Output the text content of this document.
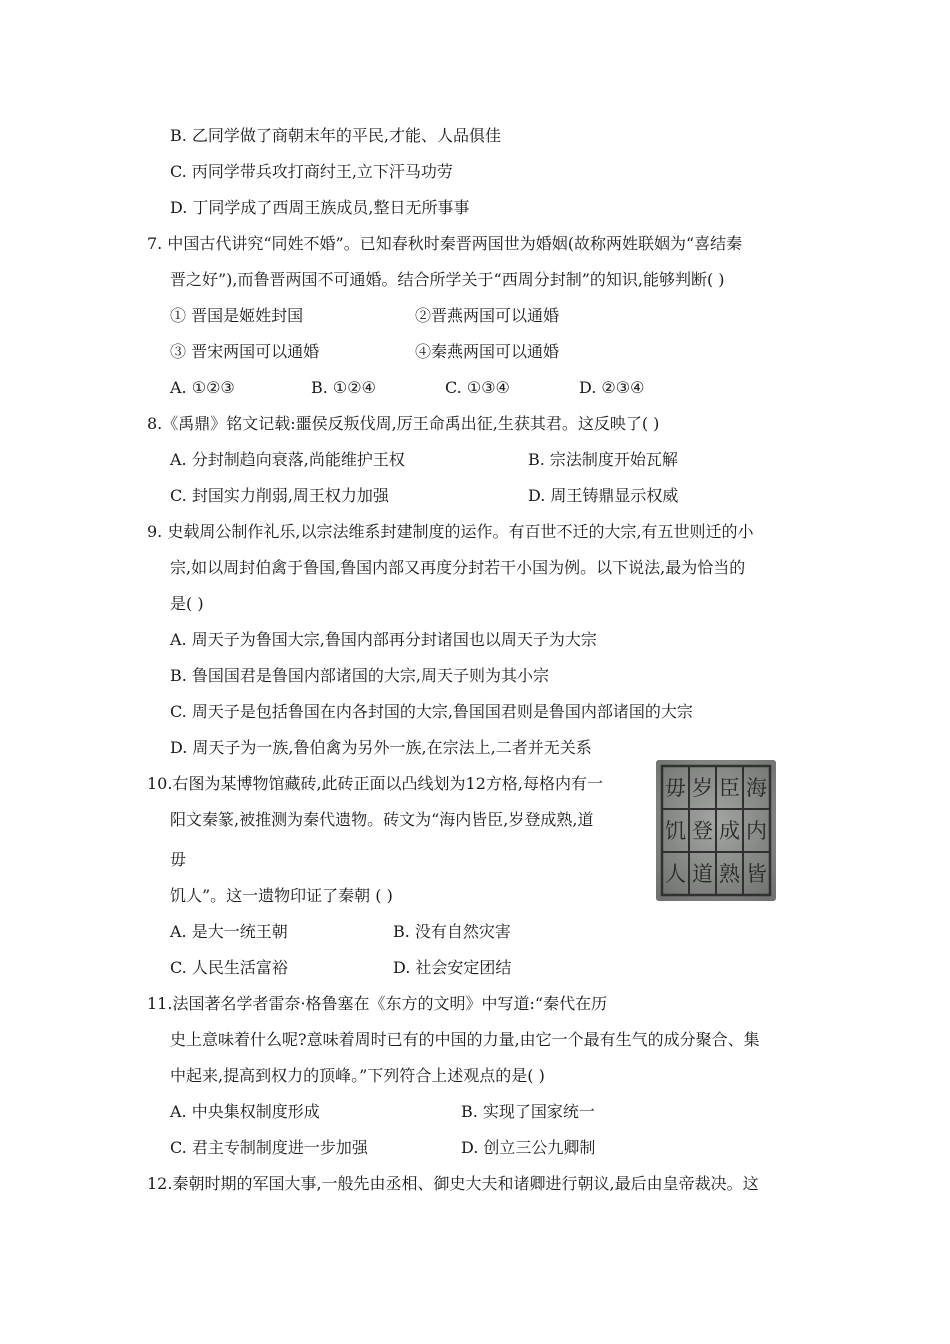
B. 乙同学做了商朝末年的平民,才能、人品俱佳
C. 丙同学带兵攻打商纣王,立下汗马功劳
D. 丁同学成了西周王族成员,整日无所事事
7. 中国古代讲究“同姓不婚”。已知春秋时秦晋两国世为婚姻(故称两姓联姻为“喜结秦
晋之好”),而鲁晋两国不可通婚。结合所学关于“西周分封制”的知识,能够判断( )
① 晋国是姬姓封国	②晋燕两国可以通婚
③ 晋宋两国可以通婚	④秦燕两国可以通婚
A. ①②③	B. ①②④	C. ①③④	D. ②③④
8.《禹鼎》铭文记载:噩侯反叛伐周,厉王命禹出征,生获其君。这反映了( )
A. 分封制趋向衰落,尚能维护王权	B. 宗法制度开始瓦解
C. 封国实力削弱,周王权力加强	D. 周王铸鼎显示权威
9. 史载周公制作礼乐,以宗法维系封建制度的运作。有百世不迁的大宗,有五世则迁的小
宗,如以周封伯禽于鲁国,鲁国内部又再度分封若干小国为例。以下说法,最为恰当的
是( )
A. 周天子为鲁国大宗,鲁国内部再分封诸国也以周天子为大宗
B. 鲁国国君是鲁国内部诸国的大宗,周天子则为其小宗
C. 周天子是包括鲁国在内各封国的大宗,鲁国国君则是鲁国内部诸国的大宗
D. 周天子为一族,鲁伯禽为另外一族,在宗法上,二者并无关系
10.右图为某博物馆藏砖,此砖正面以凸线划为12方格,每格内有一
阳文秦篆,被推测为秦代遗物。砖文为“海内皆臣,岁登成熟,道
毋
饥人”。这一遗物印证了秦朝 ( )
毋 岁 臣 海
饥 登 成 内
人 道 熟 皆
A. 是大一统王朝	B. 没有自然灾害
C. 人民生活富裕	D. 社会安定团结
11.法国著名学者雷奈·格鲁塞在《东方的文明》中写道:“秦代在历
史上意味着什么呢?意味着周时已有的中国的力量,由它一个最有生气的成分聚合、集
中起来,提高到权力的顶峰。”下列符合上述观点的是( )
A. 中央集权制度形成	B. 实现了国家统一
C. 君主专制制度进一步加强	D. 创立三公九卿制
12.秦朝时期的军国大事,一般先由丞相、御史大夫和诸卿进行朝议,最后由皇帝裁决。这
